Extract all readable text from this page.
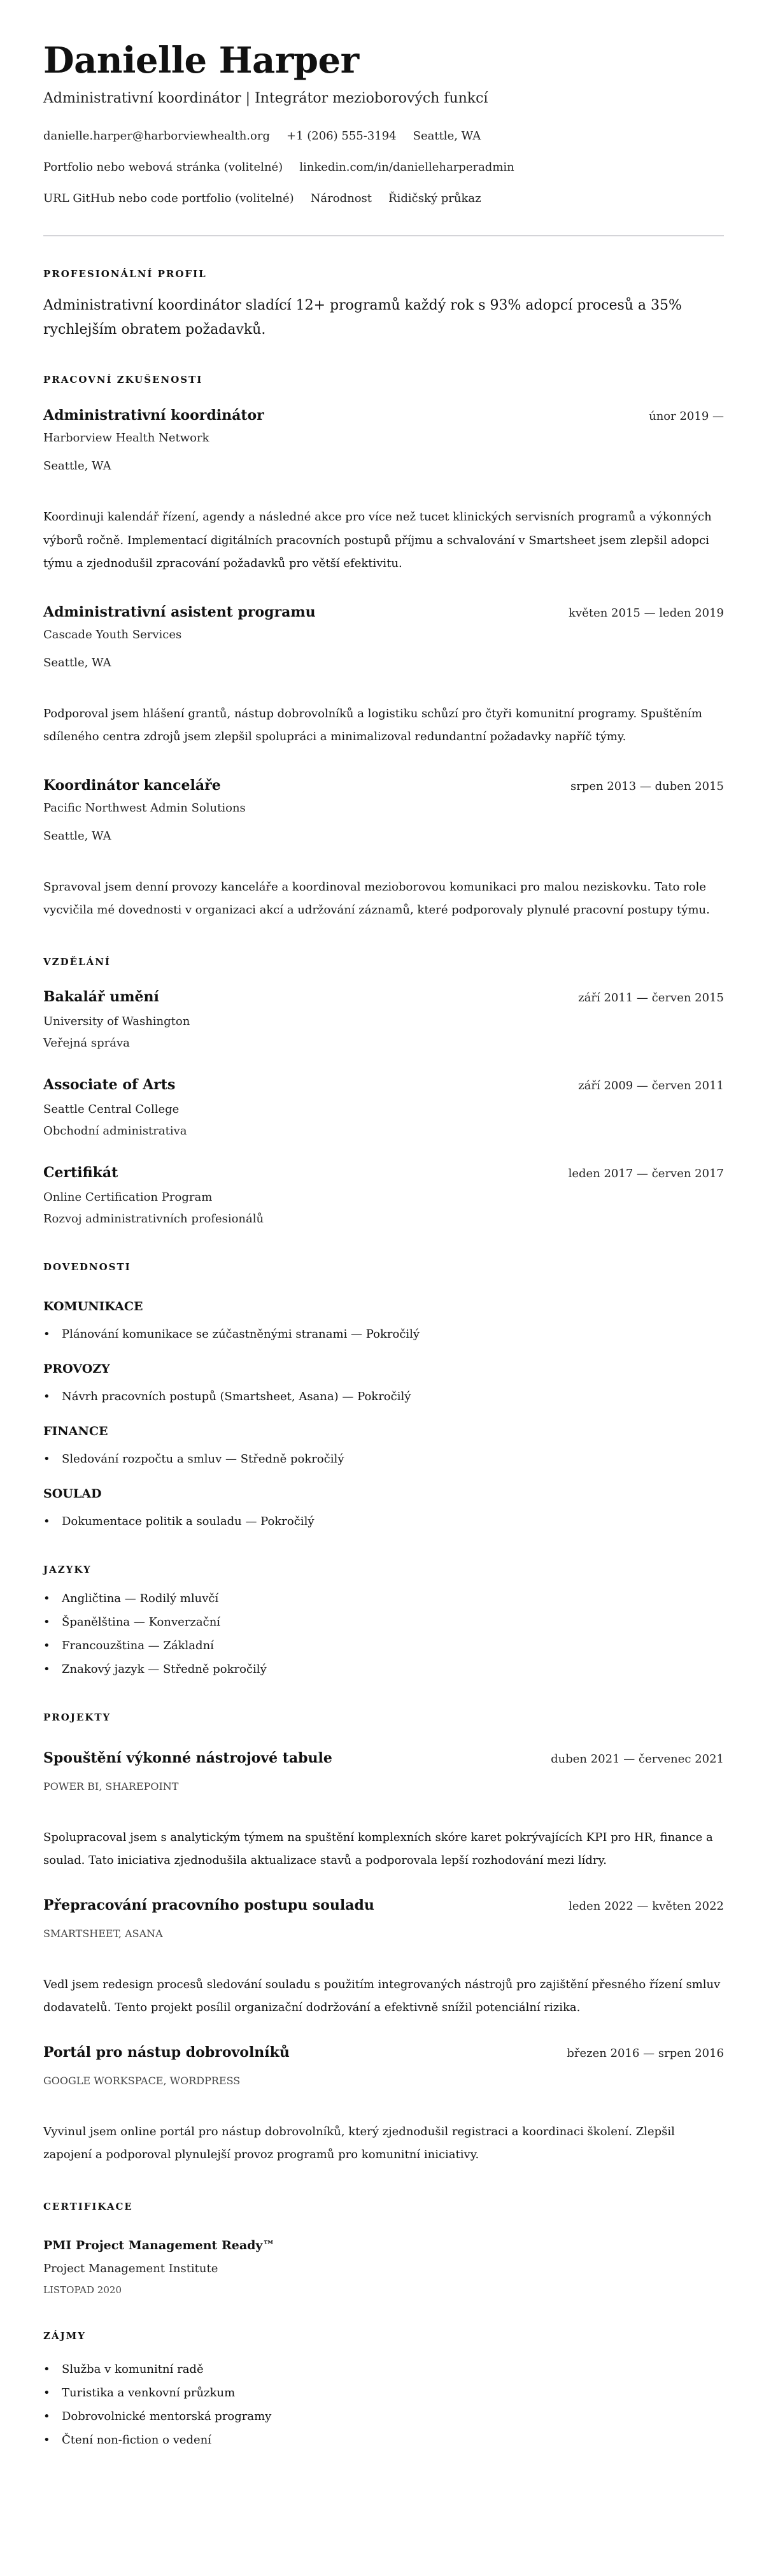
Danielle Harper
Administrativní koordinátor | Integrátor mezioborových funkcí
danielle.harper@harborviewhealth.org +1 (206) 555-3194 Seattle, WA
Portfolio nebo webová stránka (volitelné) linkedin.com/in/danielleharperadmin
URL GitHub nebo code portfolio (volitelné) Národnost Řidičský průkaz
PROFESIONÁLNÍ PROFIL
Administrativní koordinátor sladící 12+ programů každý rok s 93% adopcí procesů a 35% rychlejším obratem požadavků.
PRACOVNÍ ZKUŠENOSTI
Administrativní koordinátor	únor 2019 —
Harborview Health Network
Seattle, WA
Koordinuji kalendář řízení, agendy a následné akce pro více než tucet klinických servisních programů a výkonných výborů ročně. Implementací digitálních pracovních postupů příjmu a schvalování v Smartsheet jsem zlepšil adopci týmu a zjednodušil zpracování požadavků pro větší efektivitu.
Administrativní asistent programu	květen 2015 — leden 2019
Cascade Youth Services
Seattle, WA
Podporoval jsem hlášení grantů, nástup dobrovolníků a logistiku schůzí pro čtyři komunitní programy. Spuštěním sdíleného centra zdrojů jsem zlepšil spolupráci a minimalizoval redundantní požadavky napříč týmy.
Koordinátor kanceláře	srpen 2013 — duben 2015
Pacific Northwest Admin Solutions
Seattle, WA
Spravoval jsem denní provozy kanceláře a koordinoval mezioborovou komunikaci pro malou neziskovku. Tato role vycvičila mé dovednosti v organizaci akcí a udržování záznamů, které podporovaly plynulé pracovní postupy týmu.
VZDĚLÁNÍ
Bakalář umění	září 2011 — červen 2015
University of Washington
Veřejná správa
Associate of Arts	září 2009 — červen 2011
Seattle Central College
Obchodní administrativa
Certifikát	leden 2017 — červen 2017
Online Certification Program
Rozvoj administrativních profesionálů
DOVEDNOSTI
KOMUNIKACE
• Plánování komunikace se zúčastněnými stranami — Pokročilý
PROVOZY
• Návrh pracovních postupů (Smartsheet, Asana) — Pokročilý
FINANCE
• Sledování rozpočtu a smluv — Středně pokročilý
SOULAD
• Dokumentace politik a souladu — Pokročilý
JAZYKY
• Angličtina — Rodilý mluvčí
• Španělština — Konverzační
• Francouzština — Základní
• Znakový jazyk — Středně pokročilý
PROJEKTY
Spouštění výkonné nástrojové tabule	duben 2021 — červenec 2021
POWER BI, SHAREPOINT
Spolupracoval jsem s analytickým týmem na spuštění komplexních skóre karet pokrývajících KPI pro HR, finance a soulad. Tato iniciativa zjednodušila aktualizace stavů a podporovala lepší rozhodování mezi lídry.
Přepracování pracovního postupu souladu	leden 2022 — květen 2022
SMARTSHEET, ASANA
Vedl jsem redesign procesů sledování souladu s použitím integrovaných nástrojů pro zajištění přesného řízení smluv dodavatelů. Tento projekt posílil organizační dodržování a efektivně snížil potenciální rizika.
Portál pro nástup dobrovolníků	březen 2016 — srpen 2016
GOOGLE WORKSPACE, WORDPRESS
Vyvinul jsem online portál pro nástup dobrovolníků, který zjednodušil registraci a koordinaci školení. Zlepšil zapojení a podporoval plynulejší provoz programů pro komunitní iniciativy.
CERTIFIKACE
PMI Project Management Ready™
Project Management Institute
LISTOPAD 2020
ZÁJMY
• Služba v komunitní radě
• Turistika a venkovní průzkum
• Dobrovolnické mentorská programy
• Čtení non-fiction o vedení
